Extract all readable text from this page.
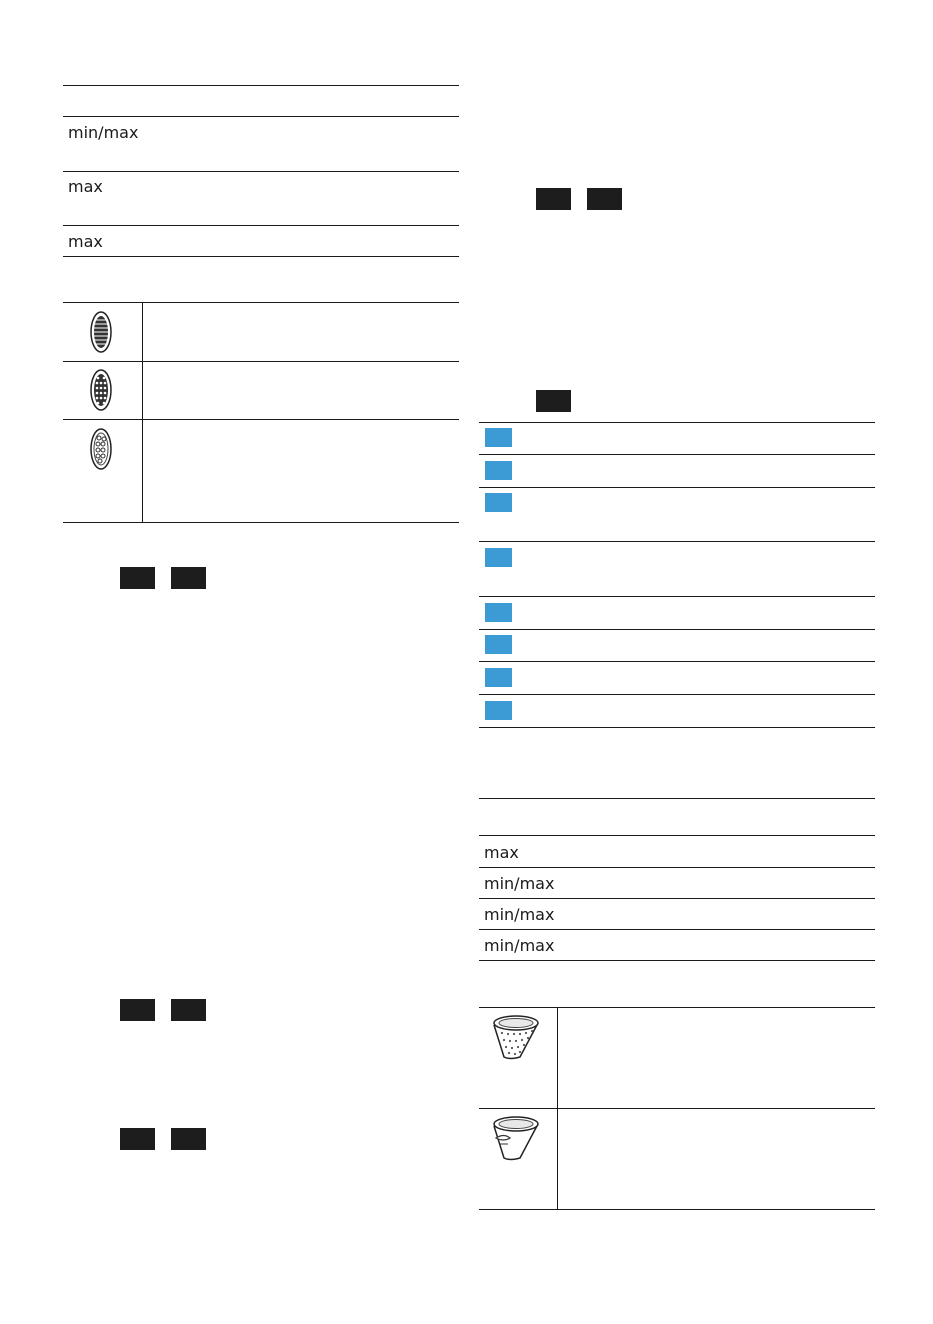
min/max
max
max
max
min/max
min/max
min/max
